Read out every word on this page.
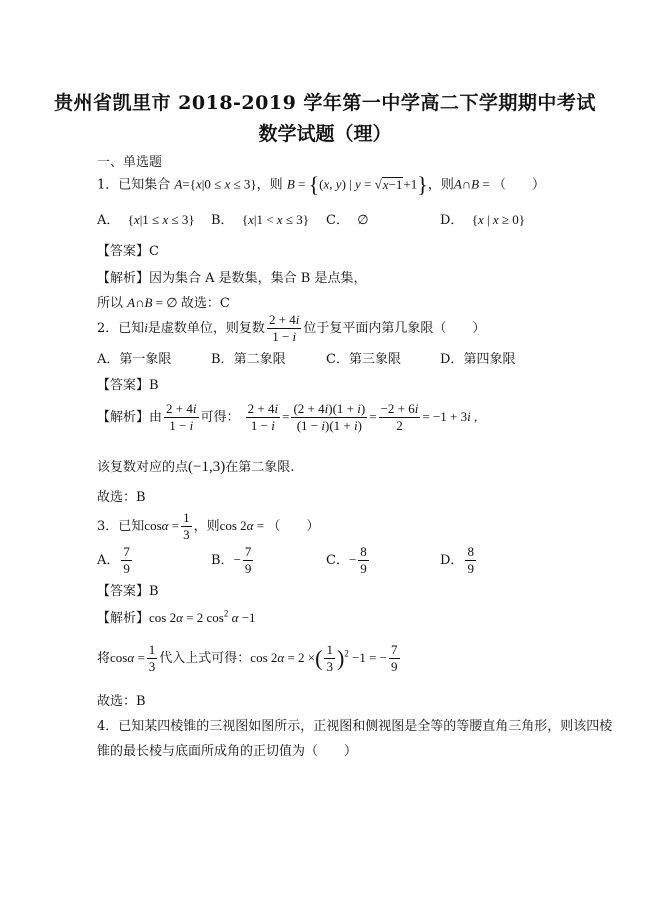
贵州省凯里市 2018-2019 学年第一中学高二下学期期中考试
数学试题（理）
一、单选题
1．已知集合 A={x|0 ≤ x ≤ 3}，则 B = {(x, y) | y = √x−1+1}，则A∩B = （　　）
A． {x|1 ≤ x ≤ 3} B． {x|1 < x ≤ 3} C． ∅	D． {x | x ≥ 0}
【答案】C
【解析】因为集合 A 是数集，集合 B 是点集，
所以 A∩B = ∅ 故选：C
2．已知i是虚数单位，则复数 $\frac{2 + 4i}{1 - i}$ 位于复平面内第几象限（　　）
A．第一象限	B．第二象限	C．第三象限	D．第四象限
【答案】B
【解析】由 $\frac{2 + 4i}{1 - i}$ 可得： $\frac{2 + 4i}{1 - i} = \frac{(2 + 4i)(1 + i)}{(1 - i)(1 + i)} = \frac{-2 + 6i}{2} = -1 + 3i$ ,
该复数对应的点(−1,3)在第二象限.
故选：B
3．已知$\cos\alpha = \frac{1}{3}$ ，则cos 2α = （　　）
A． $\frac{7}{9}$	B．− $\frac{7}{9}$	C．− $\frac{8}{9}$	D． $\frac{8}{9}$
【答案】B
【解析】cos 2α = 2 $\cos^2 \alpha -1$
将$\cos\alpha = \frac{1}{3}$ 代入上式可得：cos 2α = 2 ×( $\frac{1}{3} )^2 -1$ = − $\frac{7}{9}$
故选：B
4．已知某四棱锥的三视图如图所示，正视图和侧视图是全等的等腰直角三角形，则该四棱
锥的最长棱与底面所成角的正切值为（　　）
